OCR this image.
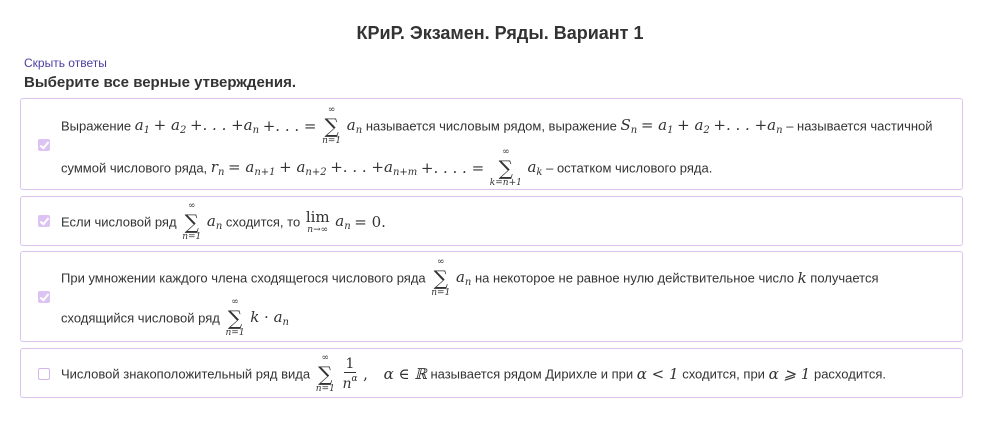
КРиР. Экзамен. Ряды. Вариант 1
Скрыть ответы
Выберите все верные утверждения.
Выражение $a_1 + a_2$ +. . . $+a_n$ +. . . =
∞
∑
n=1
$a_n$ называется числовым рядом, выражение $S_n = a_1 + a_2$ +. . . $+a_n$ – называется частичной
суммой числового ряда, $r_n = a_{n+1} + a_{n+2}$ +. . . $+a_{n+m}$ +. . . . =
∞
∑
k=n+1
$a_k$ – остатком числового ряда.
Если числовой ряд
∞
∑
n=1
$a_n$ сходится, то lim
n→∞ $a_n = 0$.
При умножении каждого члена сходящегося числового ряда
∞
∑
n=1
$a_n$ на некоторое не равное нулю действительное число k получается
сходящийся числовой ряд
∞
∑
n=1
$k \cdot a_n$
Числовой знакоположительный ряд вида
∞
∑
n=1
$\frac{1}{n^\alpha}$ , α ∈ ℝ называется рядом Дирихле и при α < 1 сходится, при α ⩾ 1 расходится.
